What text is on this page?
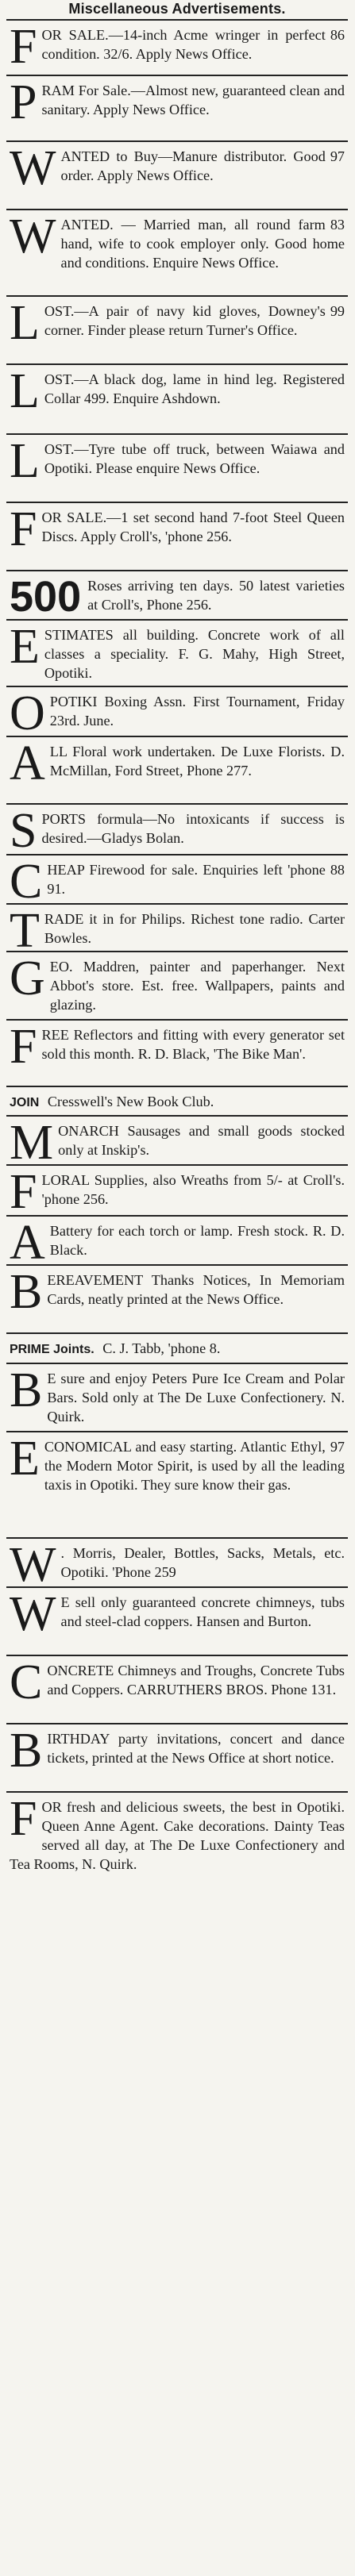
Miscellaneous Advertisements.
F	86
OR SALE.—14-inch Acme wringer in perfect condition. 32/6. Apply News Office.
P RAM For Sale.—Almost new, guaranteed clean and sanitary. Apply News Office.
W	97
ANTED to Buy—Manure distributor. Good order. Apply News Office.
W	83
ANTED. — Married man, all round farm hand, wife to cook employer only. Good home and conditions. Enquire News Office.
L	99
OST.—A pair of navy kid gloves, Downey's corner. Finder please return Turner's Office.
L OST.—A black dog, lame in hind leg. Registered Collar 499. Enquire Ashdown.
L OST.—Tyre tube off truck, between Waiawa and Opotiki. Please enquire News Office.
F OR SALE.—1 set second hand 7-foot Steel Queen Discs. Apply Croll's, 'phone 256.
500 Roses arriving ten days. 50 latest varieties at Croll's, Phone 256.
E STIMATES all building. Concrete work of all classes a speciality. F. G. Mahy, High Street, Opotiki.
O POTIKI Boxing Assn. First Tournament, Friday 23rd. June.
A LL Floral work undertaken. De Luxe Florists. D. McMillan, Ford Street, Phone 277.
S PORTS formula—No intoxicants if success is desired.—Gladys Bolan.
C	88
HEAP Firewood for sale. Enquiries left 'phone 91.
T RADE it in for Philips. Richest tone radio. Carter Bowles.
G EO. Maddren, painter and paperhanger. Next Abbot's store. Est. free. Wallpapers, paints and glazing.
F REE Reflectors and fitting with every generator set sold this month. R. D. Black, 'The Bike Man'.
JOIN Cresswell's New Book Club.
M ONARCH Sausages and small goods stocked only at Inskip's.
F LORAL Supplies, also Wreaths from 5/- at Croll's. 'phone 256.
A Battery for each torch or lamp. Fresh stock. R. D. Black.
B EREAVEMENT Thanks Notices, In Memoriam Cards, neatly printed at the News Office.
PRIME Joints. C. J. Tabb, 'phone 8.
B E sure and enjoy Peters Pure Ice Cream and Polar Bars. Sold only at The De Luxe Confectionery. N. Quirk.
E	97
CONOMICAL and easy starting. Atlantic Ethyl, the Modern Motor Spirit, is used by all the leading taxis in Opotiki. They sure know their gas.
W . Morris, Dealer, Bottles, Sacks, Metals, etc. Opotiki. 'Phone 259
W E sell only guaranteed concrete chimneys, tubs and steel-clad coppers. Hansen and Burton.
C ONCRETE Chimneys and Troughs, Concrete Tubs and Coppers. CARRUTHERS BROS. Phone 131.
B IRTHDAY party invitations, concert and dance tickets, printed at the News Office at short notice.
F OR fresh and delicious sweets, the best in Opotiki. Queen Anne Agent. Cake decorations. Dainty Teas served all day, at The De Luxe Confectionery and Tea Rooms, N. Quirk.
